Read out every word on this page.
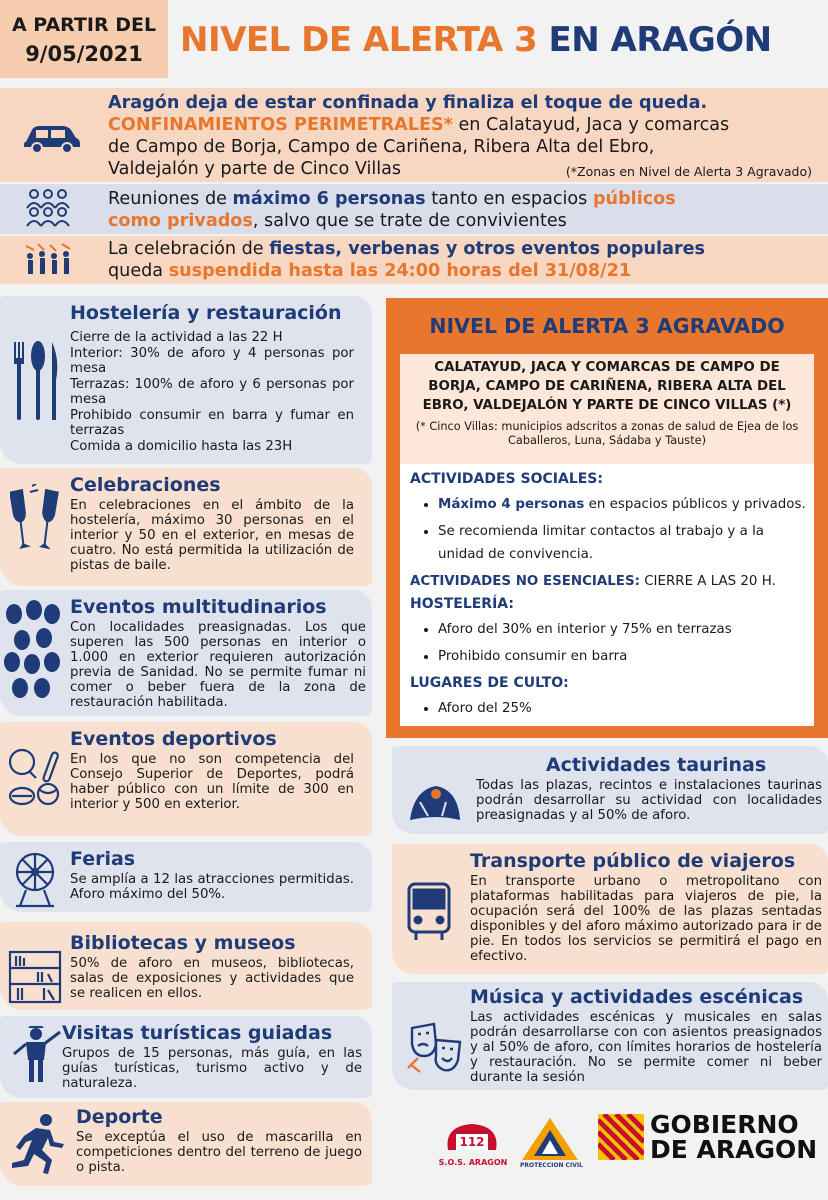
A PARTIR DEL
9/05/2021	NIVEL DE ALERTA 3 EN ARAGÓN
Aragón deja de estar confinada y finaliza el toque de queda.
CONFINAMIENTOS PERIMETRALES* en Calatayud, Jaca y comarcas
de Campo de Borja, Campo de Cariñena, Ribera Alta del Ebro,
Valdejalón y parte de Cinco Villas	(*Zonas en Nivel de Alerta 3 Agravado)
Reuniones de máximo 6 personas tanto en espacios públicos
como privados, salvo que se trate de convivientes
La celebración de fiestas, verbenas y otros eventos populares
queda suspendida hasta las 24:00 horas del 31/08/21
Hostelería y restauración
Cierre de la actividad a las 22 H
Interior: 30% de aforo y 4 personas por mesa
Terrazas: 100% de aforo y 6 personas por mesa
Prohibido consumir en barra y fumar en terrazas
Comida a domicilio hasta las 23H
Celebraciones
En celebraciones en el ámbito de la hostelería, máximo 30 personas en el interior y 50 en el exterior, en mesas de cuatro. No está permitida la utilización de pistas de baile.
Eventos multitudinarios
Con localidades preasignadas. Los que superen las 500 personas en interior o 1.000 en exterior requieren autorización previa de Sanidad. No se permite fumar ni comer o beber fuera de la zona de restauración habilitada.
Eventos deportivos
En los que no son competencia del Consejo Superior de Deportes, podrá haber público con un límite de 300 en interior y 500 en exterior.
Ferias
Se amplía a 12 las atracciones permitidas. Aforo máximo del 50%.
Bibliotecas y museos
50% de aforo en museos, bibliotecas, salas de exposiciones y actividades que se realicen en ellos.
Visitas turísticas guiadas
Grupos de 15 personas, más guía, en las guías turísticas, turismo activo y de naturaleza.
Deporte
Se exceptúa el uso de mascarilla en competiciones dentro del terreno de juego o pista.
NIVEL DE ALERTA 3 AGRAVADO
CALATAYUD, JACA Y COMARCAS DE CAMPO DE BORJA, CAMPO DE CARIÑENA, RIBERA ALTA DEL EBRO, VALDEJALÓN Y PARTE DE CINCO VILLAS (*)
(* Cinco Villas: municipios adscritos a zonas de salud de Ejea de los Caballeros, Luna, Sádaba y Tauste)
ACTIVIDADES SOCIALES:
• Máximo 4 personas en espacios públicos y privados.
• Se recomienda limitar contactos al trabajo y a la unidad de convivencia.
ACTIVIDADES NO ESENCIALES: CIERRE A LAS 20 H.
HOSTELERÍA:
• Aforo del 30% en interior y 75% en terrazas
• Prohibido consumir en barra
LUGARES DE CULTO:
• Aforo del 25%
Actividades taurinas
Todas las plazas, recintos e instalaciones taurinas podrán desarrollar su actividad con localidades preasignadas y al 50% de aforo.
Transporte público de viajeros
En transporte urbano o metropolitano con plataformas habilitadas para viajeros de pie, la ocupación será del 100% de las plazas sentadas disponibles y del aforo máximo autorizado para ir de pie. En todos los servicios se permitirá el pago en efectivo.
Música y actividades escénicas
Las actividades escénicas y musicales en salas podrán desarrollarse con con asientos preasignados y al 50% de aforo, con límites horarios de hostelería y restauración. No se permite comer ni beber durante la sesión
112
S.O.S. ARAGON PROTECCION CIVIL
GOBIERNO
DE ARAGON
